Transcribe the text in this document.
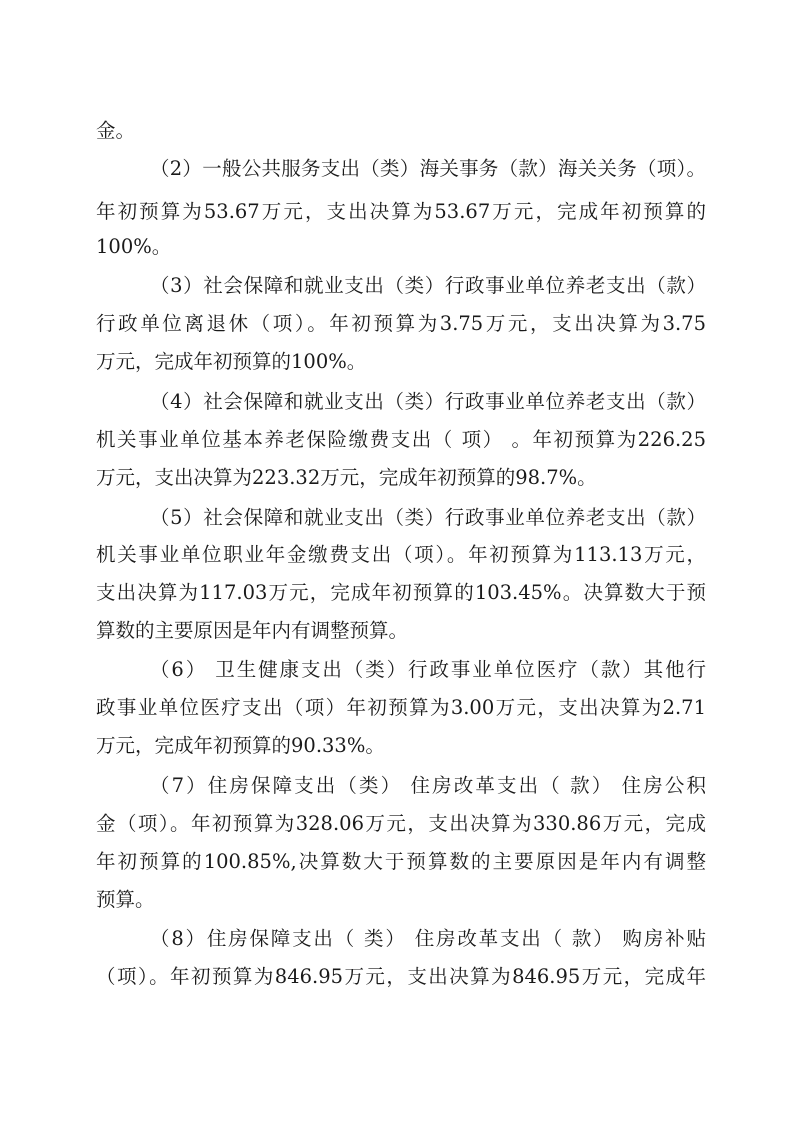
金。
（2）一般公共服务支出（类）海关事务（款）海关关务（项）。
年初预算为53.67万元，支出决算为53.67万元，完成年初预算的
100%。
（3）社会保障和就业支出（类）行政事业单位养老支出（款）
行政单位离退休（项）。年初预算为3.75万元，支出决算为3.75
万元，完成年初预算的100%。
（4）社会保障和就业支出（类）行政事业单位养老支出（款）
机关事业单位基本养老保险缴费支出（ 项） 。年初预算为226.25
万元，支出决算为223.32万元，完成年初预算的98.7%。
（5）社会保障和就业支出（类）行政事业单位养老支出（款）
机关事业单位职业年金缴费支出（项）。年初预算为113.13万元，
支出决算为117.03万元，完成年初预算的103.45%。决算数大于预
算数的主要原因是年内有调整预算。
（6） 卫生健康支出（类）行政事业单位医疗（款）其他行
政事业单位医疗支出（项）年初预算为3.00万元，支出决算为2.71
万元，完成年初预算的90.33%。
（7）住房保障支出（类） 住房改革支出（ 款） 住房公积
金（项）。年初预算为328.06万元，支出决算为330.86万元，完成
年初预算的100.85%,决算数大于预算数的主要原因是年内有调整
预算。
（8）住房保障支出（ 类） 住房改革支出（ 款） 购房补贴
（项）。年初预算为846.95万元，支出决算为846.95万元，完成年
